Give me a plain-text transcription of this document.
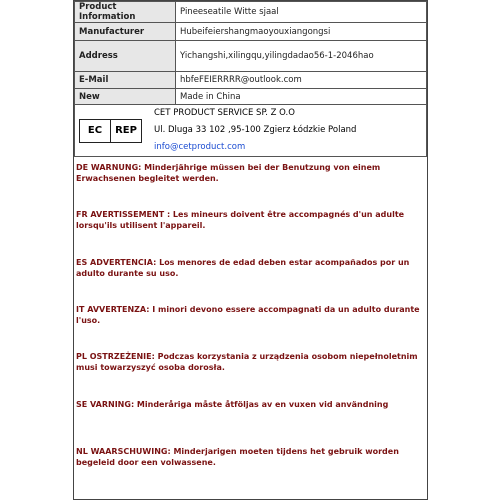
Product Information	Pineeseatile Witte sjaal
Manufacturer	Hubeifeiershangmaoyouxiangongsi
Address	Yichangshi,xilingqu,yilingdadao56-1-2046hao
E-Mail	hbfeFEIERRRR@outlook.com
New	Made in China

EC REP
CET PRODUCT SERVICE SP. Z O.O
Ul. Dluga 33 102 ,95-100 Zgierz Łódzkie Poland
info@cetproduct.com	
DE WARNUNG: Minderjährige müssen bei der Benutzung von einem Erwachsenen begleitet werden.
FR AVERTISSEMENT : Les mineurs doivent être accompagnés d'un adulte lorsqu'ils utilisent l'appareil.
ES ADVERTENCIA: Los menores de edad deben estar acompañados por un adulto durante su uso.
IT AVVERTENZA: I minori devono essere accompagnati da un adulto durante l'uso.
PL OSTRZEŻENIE: Podczas korzystania z urządzenia osobom niepełnoletnim musi towarzyszyć osoba dorosła.
SE VARNING: Minderåriga måste åtföljas av en vuxen vid användning
NL WAARSCHUWING: Minderjarigen moeten tijdens het gebruik worden begeleid door een volwassene.
